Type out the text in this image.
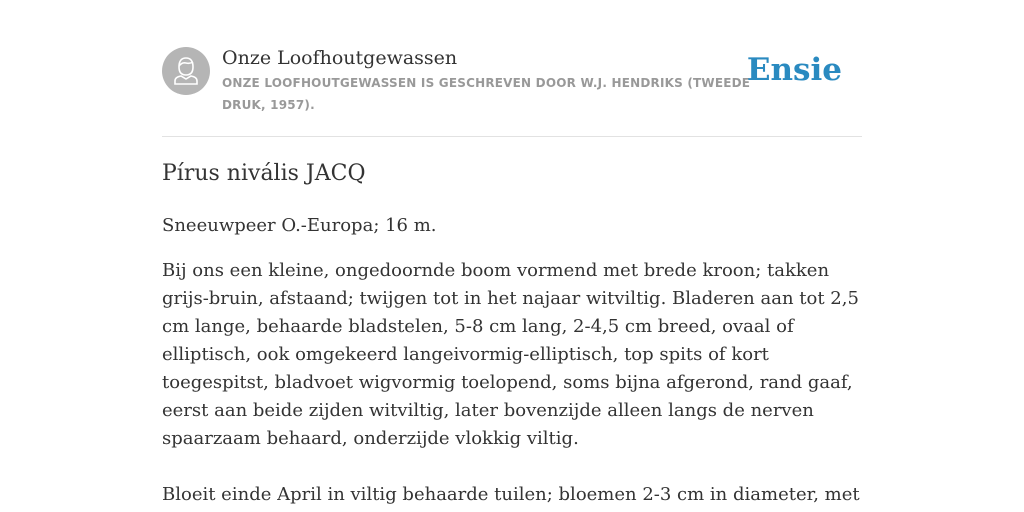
Onze Loofhoutgewassen
ONZE LOOFHOUTGEWASSEN IS GESCHREVEN DOOR W.J. HENDRIKS (TWEEDE DRUK, 1957).
Ensie
Pírus nivális JACQ

Sneeuwpeer O.-Europa; 16 m.

Bij ons een kleine, ongedoornde boom vormend met brede kroon; takken grijs-bruin, afstaand; twijgen tot in het najaar witviltig. Bladeren aan tot 2,5 cm lange, behaarde bladstelen, 5-8 cm lang, 2-4,5 cm breed, ovaal of elliptisch, ook omgekeerd langeivormig-elliptisch, top spits of kort toegespitst, bladvoet wigvormig toelopend, soms bijna afgerond, rand gaaf, eerst aan beide zijden witviltig, later bovenzijde alleen langs de nerven spaarzaam behaard, onderzijde vlokkig viltig.

Bloeit einde April in viltig behaarde tuilen; bloemen 2-3 cm in diameter, met
